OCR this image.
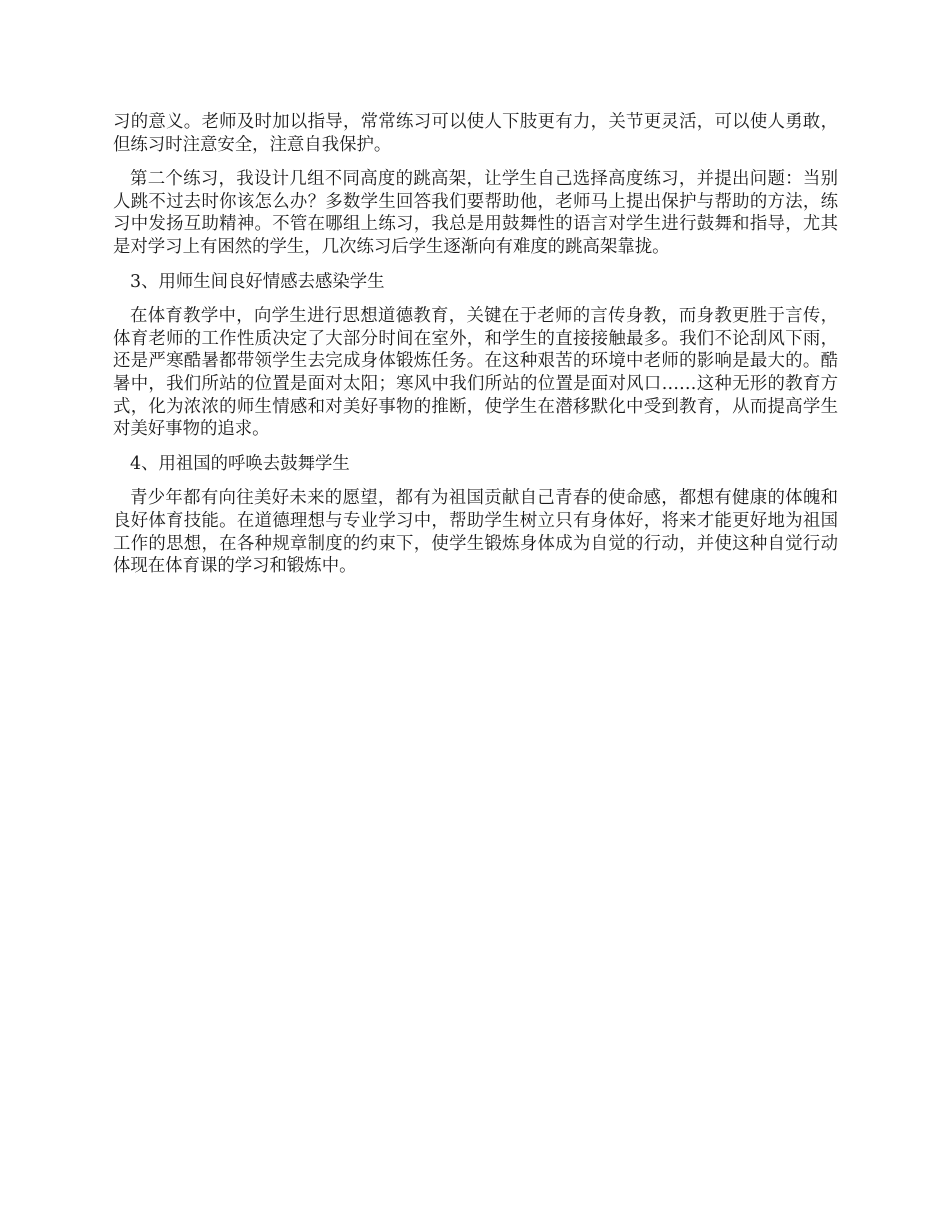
习的意义。老师及时加以指导，常常练习可以使人下肢更有力，关节更灵活，可以使人勇敢，但练习时注意安全，注意自我保护。

第二个练习，我设计几组不同高度的跳高架，让学生自己选择高度练习，并提出问题：当别人跳不过去时你该怎么办？多数学生回答我们要帮助他，老师马上提出保护与帮助的方法，练习中发扬互助精神。不管在哪组上练习，我总是用鼓舞性的语言对学生进行鼓舞和指导，尤其是对学习上有困然的学生，几次练习后学生逐渐向有难度的跳高架靠拢。

3、用师生间良好情感去感染学生

在体育教学中，向学生进行思想道德教育，关键在于老师的言传身教，而身教更胜于言传，体育老师的工作性质决定了大部分时间在室外，和学生的直接接触最多。我们不论刮风下雨，还是严寒酷暑都带领学生去完成身体锻炼任务。在这种艰苦的环境中老师的影响是最大的。酷暑中，我们所站的位置是面对太阳；寒风中我们所站的位置是面对风口……这种无形的教育方式，化为浓浓的师生情感和对美好事物的推断，使学生在潜移默化中受到教育，从而提高学生对美好事物的追求。

4、用祖国的呼唤去鼓舞学生

青少年都有向往美好未来的愿望，都有为祖国贡献自己青春的使命感，都想有健康的体魄和良好体育技能。在道德理想与专业学习中，帮助学生树立只有身体好，将来才能更好地为祖国工作的思想，在各种规章制度的约束下，使学生锻炼身体成为自觉的行动，并使这种自觉行动体现在体育课的学习和锻炼中。
